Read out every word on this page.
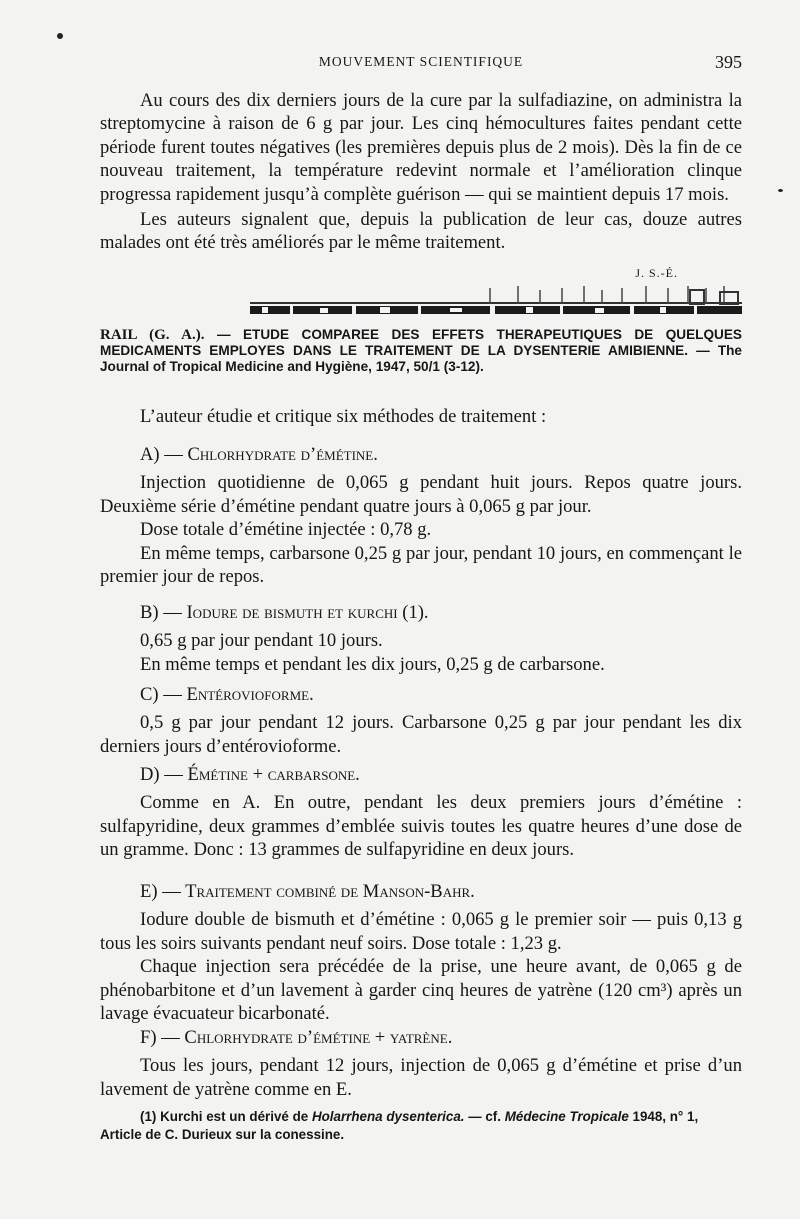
MOUVEMENT SCIENTIFIQUE	395

Au cours des dix derniers jours de la cure par la sulfadiazine, on administra la streptomycine à raison de 6 g par jour. Les cinq hémocultures faites pendant cette période furent toutes négatives (les premières depuis plus de 2 mois). Dès la fin de ce nouveau traitement, la température redevint normale et l’amélioration clinque progressa rapidement jusqu’à complète guérison — qui se maintient depuis 17 mois.

Les auteurs signalent que, depuis la publication de leur cas, douze autres malades ont été très améliorés par le même traitement.

J. S.-É.
RAIL (G. A.). — ETUDE COMPAREE DES EFFETS THERAPEUTIQUES DE QUELQUES MEDICAMENTS EMPLOYES DANS LE TRAITEMENT DE LA DYSENTERIE AMIBIENNE. — The Journal of Tropical Medicine and Hygiène, 1947, 50/1 (3-12).

L’auteur étudie et critique six méthodes de traitement :

A) — Chlorhydrate d’émétine.

Injection quotidienne de 0,065 g pendant huit jours. Repos quatre jours. Deuxième série d’émétine pendant quatre jours à 0,065 g par jour.

Dose totale d’émétine injectée : 0,78 g.

En même temps, carbarsone 0,25 g par jour, pendant 10 jours, en commençant le premier jour de repos.

B) — Iodure de bismuth et kurchi (1).

0,65 g par jour pendant 10 jours.

En même temps et pendant les dix jours, 0,25 g de carbarsone.

C) — Entérovioforme.

0,5 g par jour pendant 12 jours. Carbarsone 0,25 g par jour pendant les dix derniers jours d’entérovioforme.

D) — Émétine + carbarsone.

Comme en A. En outre, pendant les deux premiers jours d’émétine : sulfapyridine, deux grammes d’emblée suivis toutes les quatre heures d’une dose de un gramme. Donc : 13 grammes de sulfapyridine en deux jours.

E) — Traitement combiné de Manson-Bahr.

Iodure double de bismuth et d’émétine : 0,065 g le premier soir — puis 0,13 g tous les soirs suivants pendant neuf soirs. Dose totale : 1,23 g.

Chaque injection sera précédée de la prise, une heure avant, de 0,065 g de phénobarbitone et d’un lavement à garder cinq heures de yatrène (120 cm³) après un lavage évacuateur bicarbonaté.

F) — Chlorhydrate d’émétine + yatrène.

Tous les jours, pendant 12 jours, injection de 0,065 g d’émétine et prise d’un lavement de yatrène comme en E.

(1) Kurchi est un dérivé de Holarrhena dysenterica. — cf. Médecine Tropicale 1948, n° 1, Article de C. Durieux sur la conessine.
